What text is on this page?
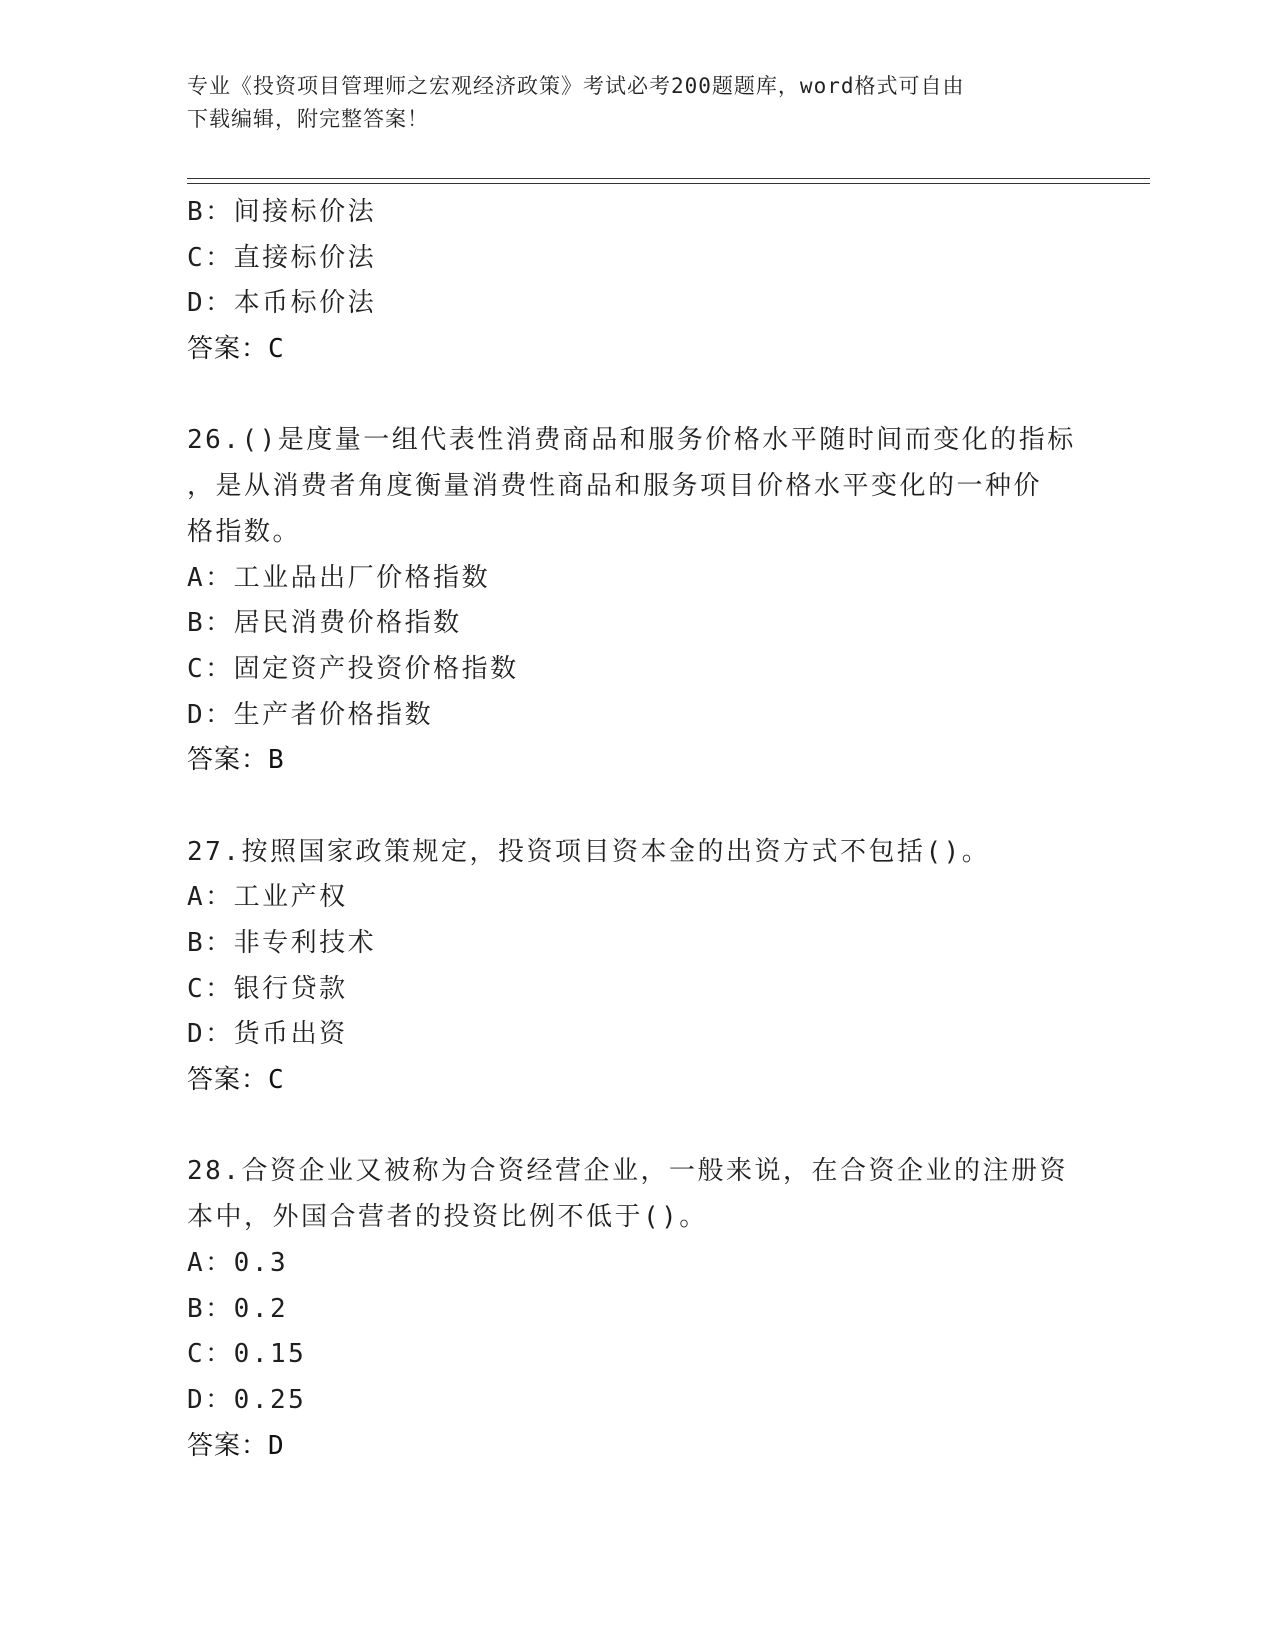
专业《投资项目管理师之宏观经济政策》考试必考200题题库，word格式可自由
下载编辑，附完整答案！
B：间接标价法
C：直接标价法
D：本币标价法
答案：C
26.()是度量一组代表性消费商品和服务价格水平随时间而变化的指标
，是从消费者角度衡量消费性商品和服务项目价格水平变化的一种价
格指数。
A：工业品出厂价格指数
B：居民消费价格指数
C：固定资产投资价格指数
D：生产者价格指数
答案：B
27.按照国家政策规定，投资项目资本金的出资方式不包括()。
A：工业产权
B：非专利技术
C：银行贷款
D：货币出资
答案：C
28.合资企业又被称为合资经营企业，一般来说，在合资企业的注册资
本中，外国合营者的投资比例不低于()。
A：0.3
B：0.2
C：0.15
D：0.25
答案：D
